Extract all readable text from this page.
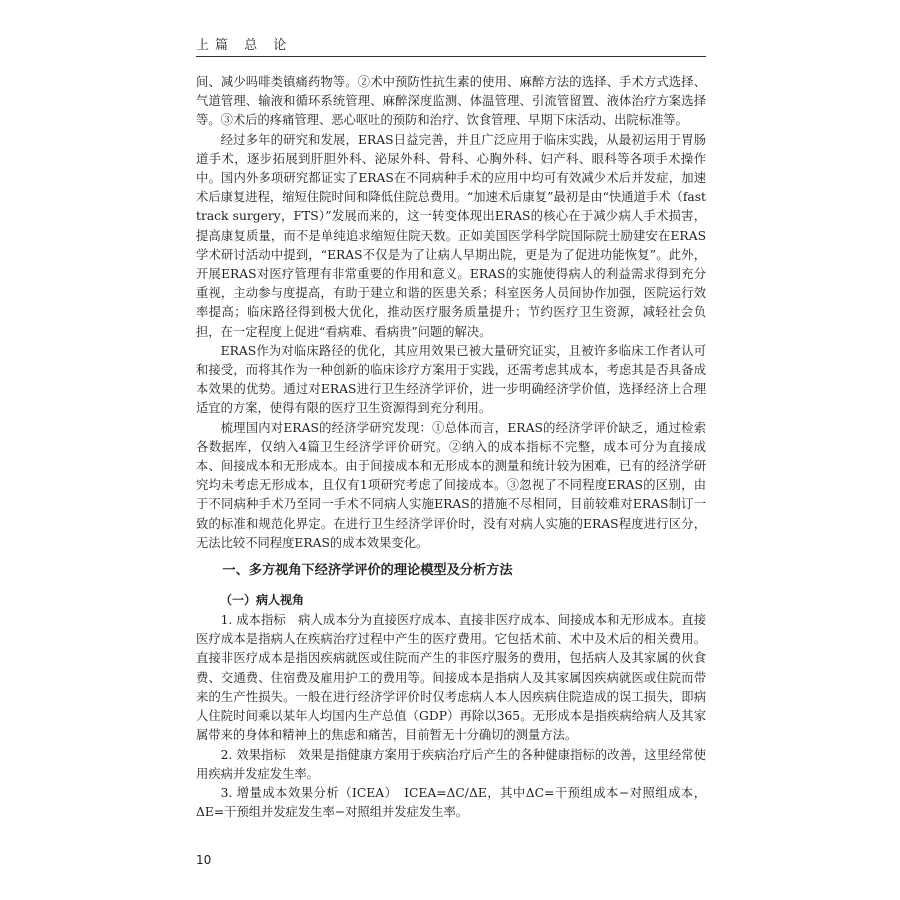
上篇 总 论

间、减少吗啡类镇痛药物等。②术中预防性抗生素的使用、麻醉方法的选择、手术方式选择、气道管理、输液和循环系统管理、麻醉深度监测、体温管理、引流管留置、液体治疗方案选择等。③术后的疼痛管理、恶心呕吐的预防和治疗、饮食管理、早期下床活动、出院标准等。

经过多年的研究和发展，ERAS日益完善，并且广泛应用于临床实践，从最初运用于胃肠道手术，逐步拓展到肝胆外科、泌尿外科、骨科、心胸外科、妇产科、眼科等各项手术操作中。国内外多项研究都证实了ERAS在不同病种手术的应用中均可有效减少术后并发症，加速术后康复进程，缩短住院时间和降低住院总费用。“加速术后康复”最初是由“快通道手术（fast track surgery，FTS）”发展而来的，这一转变体现出ERAS的核心在于减少病人手术损害，提高康复质量，而不是单纯追求缩短住院天数。正如美国医学科学院国际院士励建安在ERAS学术研讨活动中提到，“ERAS不仅是为了让病人早期出院，更是为了促进功能恢复”。此外，开展ERAS对医疗管理有非常重要的作用和意义。ERAS的实施使得病人的利益需求得到充分重视，主动参与度提高，有助于建立和谐的医患关系；科室医务人员间协作加强，医院运行效率提高；临床路径得到极大优化，推动医疗服务质量提升；节约医疗卫生资源，减轻社会负担，在一定程度上促进“看病难、看病贵”问题的解决。

ERAS作为对临床路径的优化，其应用效果已被大量研究证实，且被许多临床工作者认可和接受，而将其作为一种创新的临床诊疗方案用于实践，还需考虑其成本，考虑其是否具备成本效果的优势。通过对ERAS进行卫生经济学评价，进一步明确经济学价值，选择经济上合理适宜的方案，使得有限的医疗卫生资源得到充分利用。

梳理国内对ERAS的经济学研究发现：①总体而言，ERAS的经济学评价缺乏，通过检索各数据库，仅纳入4篇卫生经济学评价研究。②纳入的成本指标不完整，成本可分为直接成本、间接成本和无形成本。由于间接成本和无形成本的测量和统计较为困难，已有的经济学研究均未考虑无形成本，且仅有1项研究考虑了间接成本。③忽视了不同程度ERAS的区别，由于不同病种手术乃至同一手术不同病人实施ERAS的措施不尽相同，目前较难对ERAS制订一致的标准和规范化界定。在进行卫生经济学评价时，没有对病人实施的ERAS程度进行区分，无法比较不同程度ERAS的成本效果变化。

一、多方视角下经济学评价的理论模型及分析方法
（一）病人视角

1. 成本指标　病人成本分为直接医疗成本、直接非医疗成本、间接成本和无形成本。直接医疗成本是指病人在疾病治疗过程中产生的医疗费用。它包括术前、术中及术后的相关费用。直接非医疗成本是指因疾病就医或住院而产生的非医疗服务的费用，包括病人及其家属的伙食费、交通费、住宿费及雇用护工的费用等。间接成本是指病人及其家属因疾病就医或住院而带来的生产性损失。一般在进行经济学评价时仅考虑病人本人因疾病住院造成的误工损失，即病人住院时间乘以某年人均国内生产总值（GDP）再除以365。无形成本是指疾病给病人及其家属带来的身体和精神上的焦虑和痛苦，目前暂无十分确切的测量方法。

2. 效果指标　效果是指健康方案用于疾病治疗后产生的各种健康指标的改善，这里经常使用疾病并发症发生率。

3. 增量成本效果分析（ICEA）　ICEA=ΔC/ΔE，其中ΔC=干预组成本−对照组成本，ΔE=干预组并发症发生率−对照组并发症发生率。

10
